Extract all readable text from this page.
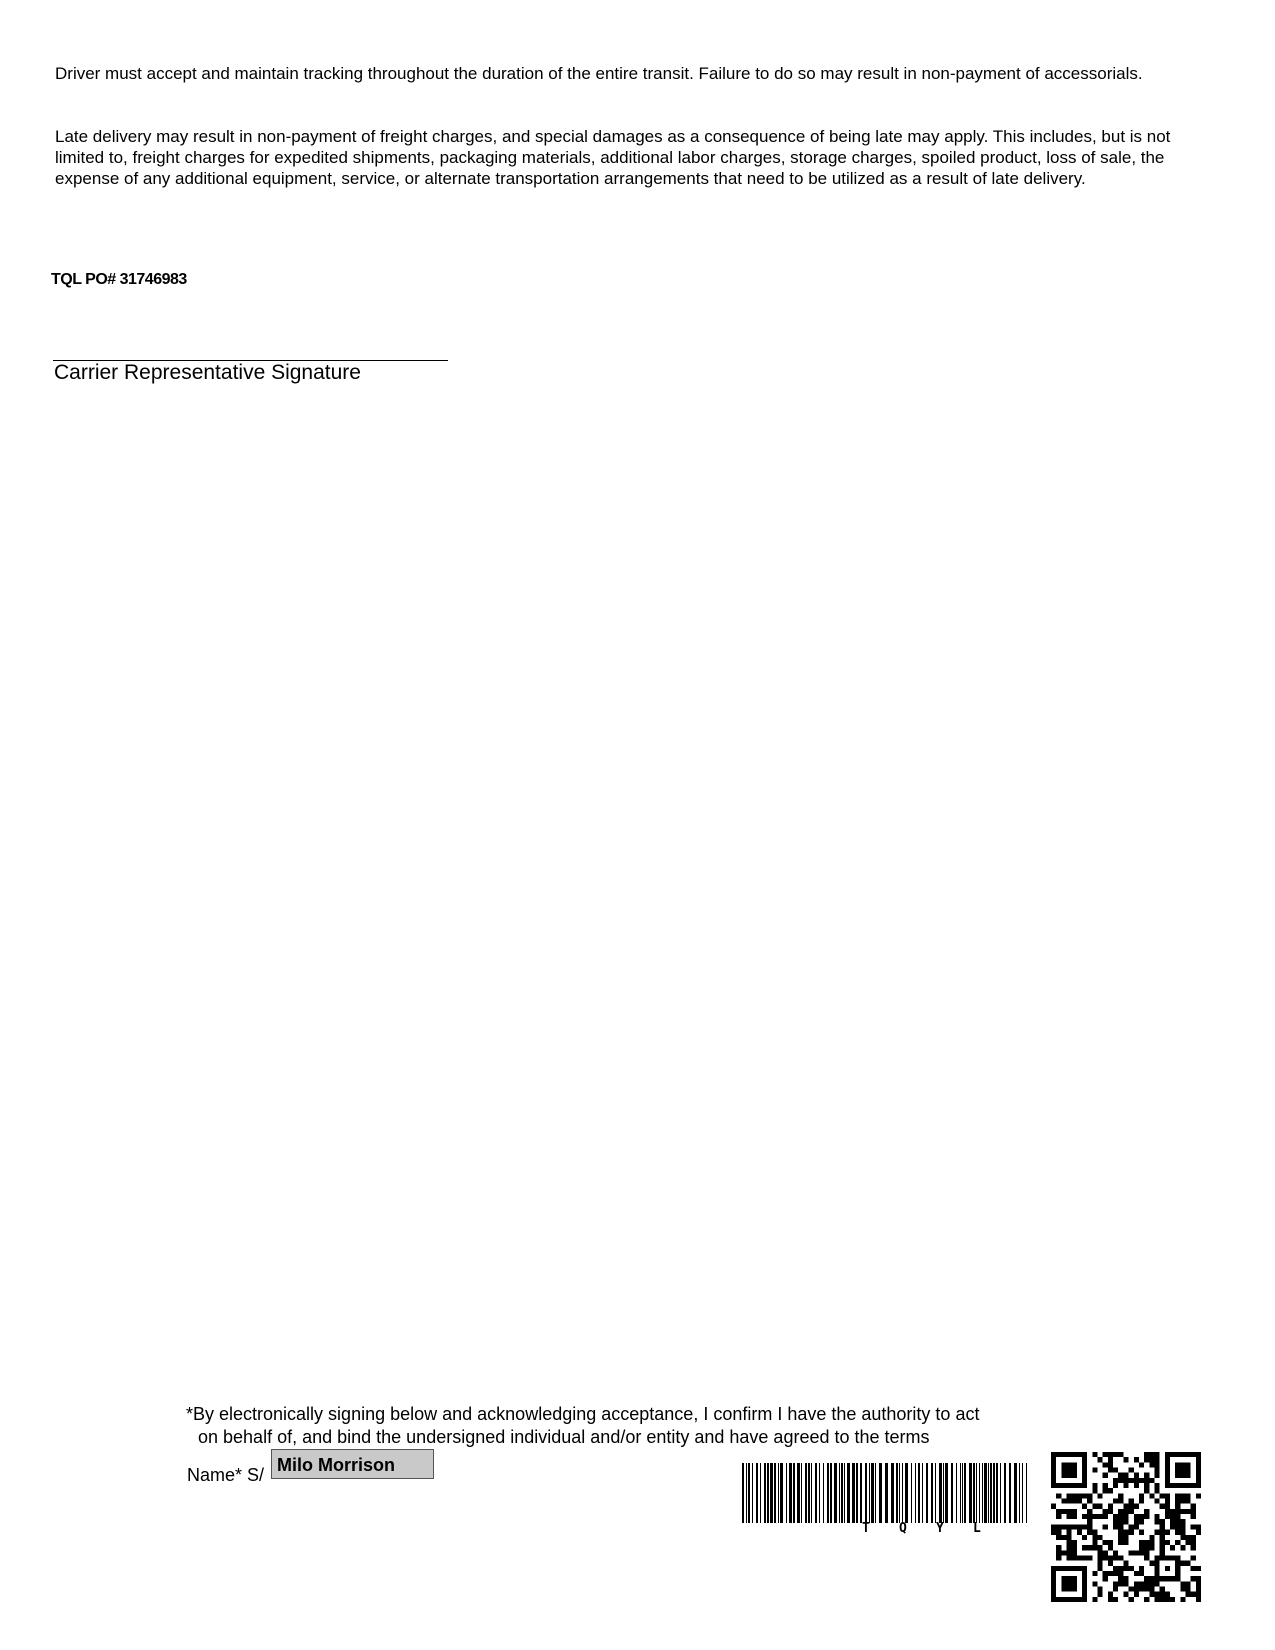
Driver must accept and maintain tracking throughout the duration of the entire transit. Failure to do so may result in non-payment of accessorials.

Late delivery may result in non-payment of freight charges, and special damages as a consequence of being late may apply. This includes, but is not limited to, freight charges for expedited shipments, packaging materials, additional labor charges, storage charges, spoiled product, loss of sale, the expense of any additional equipment, service, or alternate transportation arrangements that need to be utilized as a result of late delivery.

TQL PO# 31746983
Carrier Representative Signature

*By electronically signing below and acknowledging acceptance, I confirm I have the authority to act
on behalf of, and bind the undersigned individual and/or entity and have agreed to the terms

Name* S/ Milo Morrison
T Q Y L
